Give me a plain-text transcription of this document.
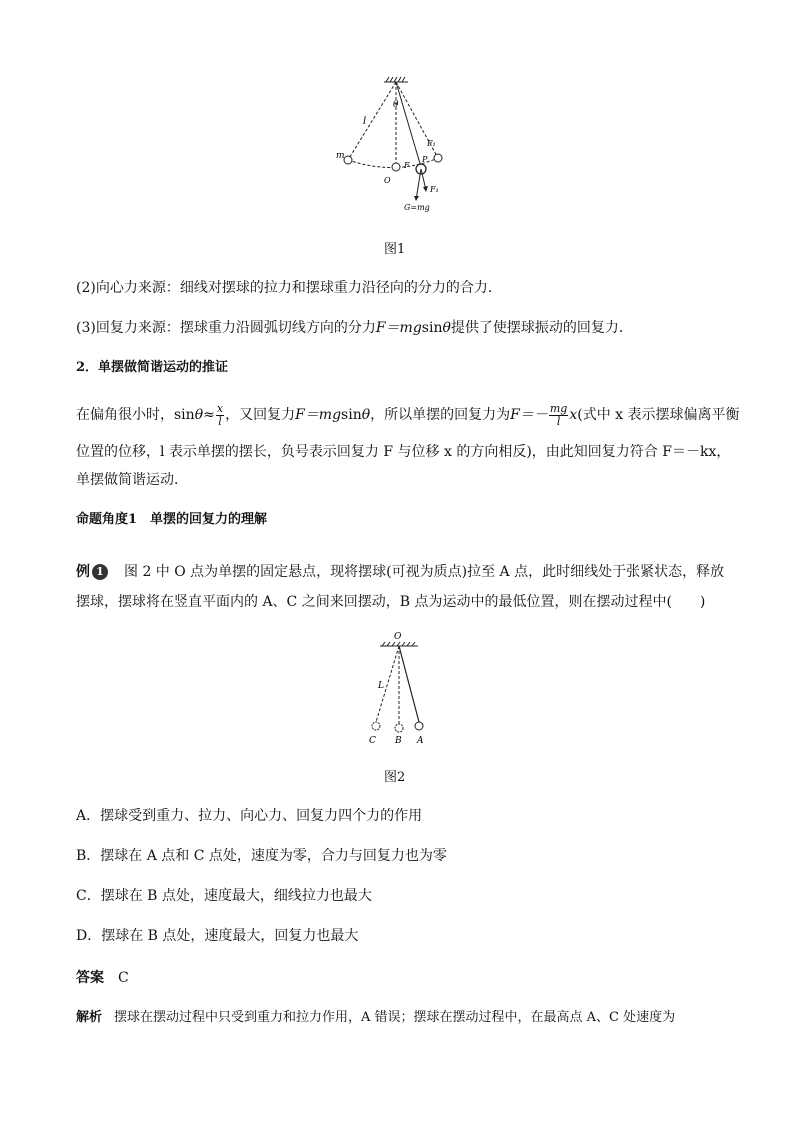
θ
l
m
F₁
F
P
O
F₁
G=mg
图1
(2)向心力来源：细线对摆球的拉力和摆球重力沿径向的分力的合力．
(3)回复力来源：摆球重力沿圆弧切线方向的分力F＝mgsinθ提供了使摆球振动的回复力．
2．单摆做简谐运动的推证
在偏角很小时，$\sin\theta\approx \frac{x}{l}$ ，又回复力F＝mgsinθ，所以单摆的回复力为$F=- \frac{mg}{l} x$(式中 x 表示摆球偏离平衡
位置的位移，l 表示单摆的摆长，负号表示回复力 F 与位移 x 的方向相反)，由此知回复力符合 F＝－kx，
单摆做简谐运动．
命题角度1　单摆的回复力的理解
例 1 图 2 中 O 点为单摆的固定悬点，现将摆球(可视为质点)拉至 A 点，此时细线处于张紧状态，释放
摆球，摆球将在竖直平面内的 A、C 之间来回摆动，B 点为运动中的最低位置，则在摆动过程中(　　)
O
L
C B A
图2
A．摆球受到重力、拉力、向心力、回复力四个力的作用
B．摆球在 A 点和 C 点处，速度为零，合力与回复力也为零
C．摆球在 B 点处，速度最大，细线拉力也最大
D．摆球在 B 点处，速度最大，回复力也最大
答案 C
解析 摆球在摆动过程中只受到重力和拉力作用，A 错误；摆球在摆动过程中，在最高点 A、C 处速度为
